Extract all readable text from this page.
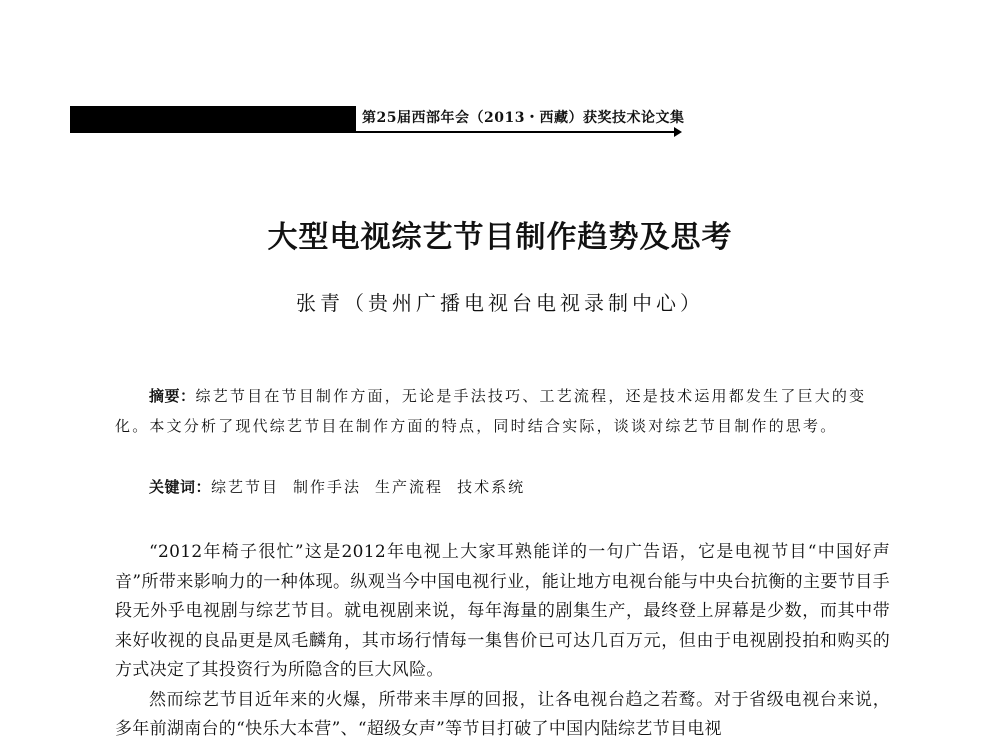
第25届西部年会（2013・西藏）获奖技术论文集
大型电视综艺节目制作趋势及思考
张青（贵州广播电视台电视录制中心）
摘要：综艺节目在节目制作方面，无论是手法技巧、工艺流程，还是技术运用都发生了巨大的变化。本文分析了现代综艺节目在制作方面的特点，同时结合实际，谈谈对综艺节目制作的思考。
关键词：综艺节目 制作手法 生产流程 技术系统

“2012年椅子很忙”这是2012年电视上大家耳熟能详的一句广告语，它是电视节目“中国好声音”所带来影响力的一种体现。纵观当今中国电视行业，能让地方电视台能与中央台抗衡的主要节目手段无外乎电视剧与综艺节目。就电视剧来说，每年海量的剧集生产，最终登上屏幕是少数，而其中带来好收视的良品更是凤毛麟角，其市场行情每一集售价已可达几百万元，但由于电视剧投拍和购买的方式决定了其投资行为所隐含的巨大风险。

然而综艺节目近年来的火爆，所带来丰厚的回报，让各电视台趋之若鹜。对于省级电视台来说，多年前湖南台的“快乐大本营”、“超级女声”等节目打破了中国内陆综艺节目电视
